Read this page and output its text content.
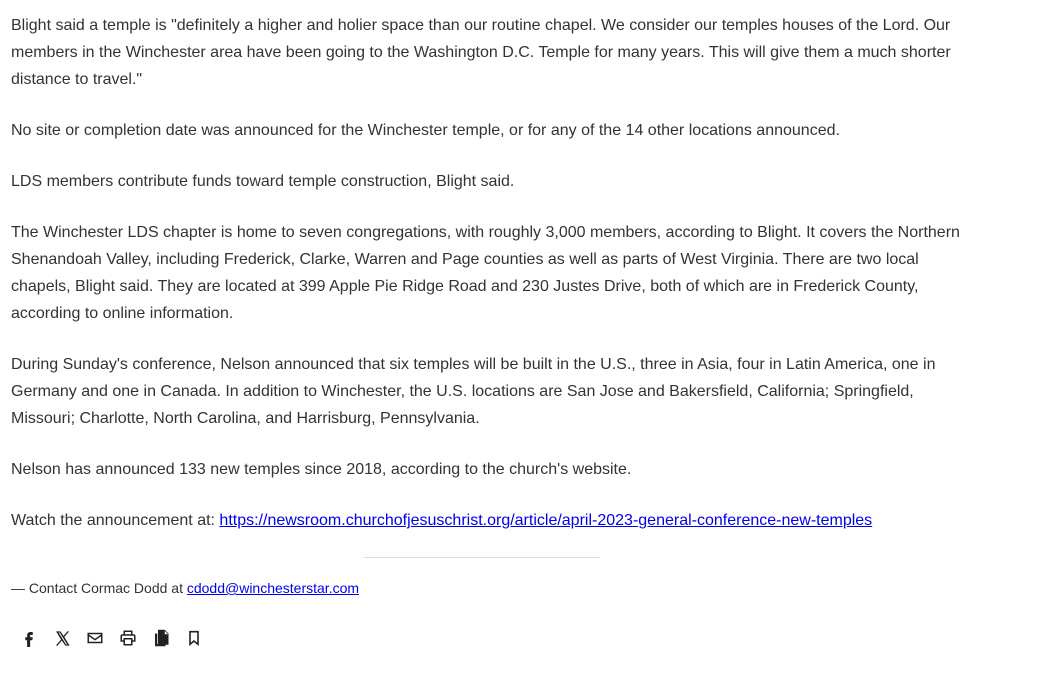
Blight said a temple is "definitely a higher and holier space than our routine chapel. We consider our temples houses of the Lord. Our members in the Winchester area have been going to the Washington D.C. Temple for many years. This will give them a much shorter distance to travel."

No site or completion date was announced for the Winchester temple, or for any of the 14 other locations announced.

LDS members contribute funds toward temple construction, Blight said.

The Winchester LDS chapter is home to seven congregations, with roughly 3,000 members, according to Blight. It covers the Northern Shenandoah Valley, including Frederick, Clarke, Warren and Page counties as well as parts of West Virginia. There are two local chapels, Blight said. They are located at 399 Apple Pie Ridge Road and 230 Justes Drive, both of which are in Frederick County, according to online information.

During Sunday's conference, Nelson announced that six temples will be built in the U.S., three in Asia, four in Latin America, one in Germany and one in Canada. In addition to Winchester, the U.S. locations are San Jose and Bakersfield, California; Springfield, Missouri; Charlotte, North Carolina, and Harrisburg, Pennsylvania.

Nelson has announced 133 new temples since 2018, according to the church's website.

Watch the announcement at: https://newsroom.churchofjesuschrist.org/article/april-2023-general-conference-new-temples

— Contact Cormac Dodd at cdodd@winchesterstar.com
